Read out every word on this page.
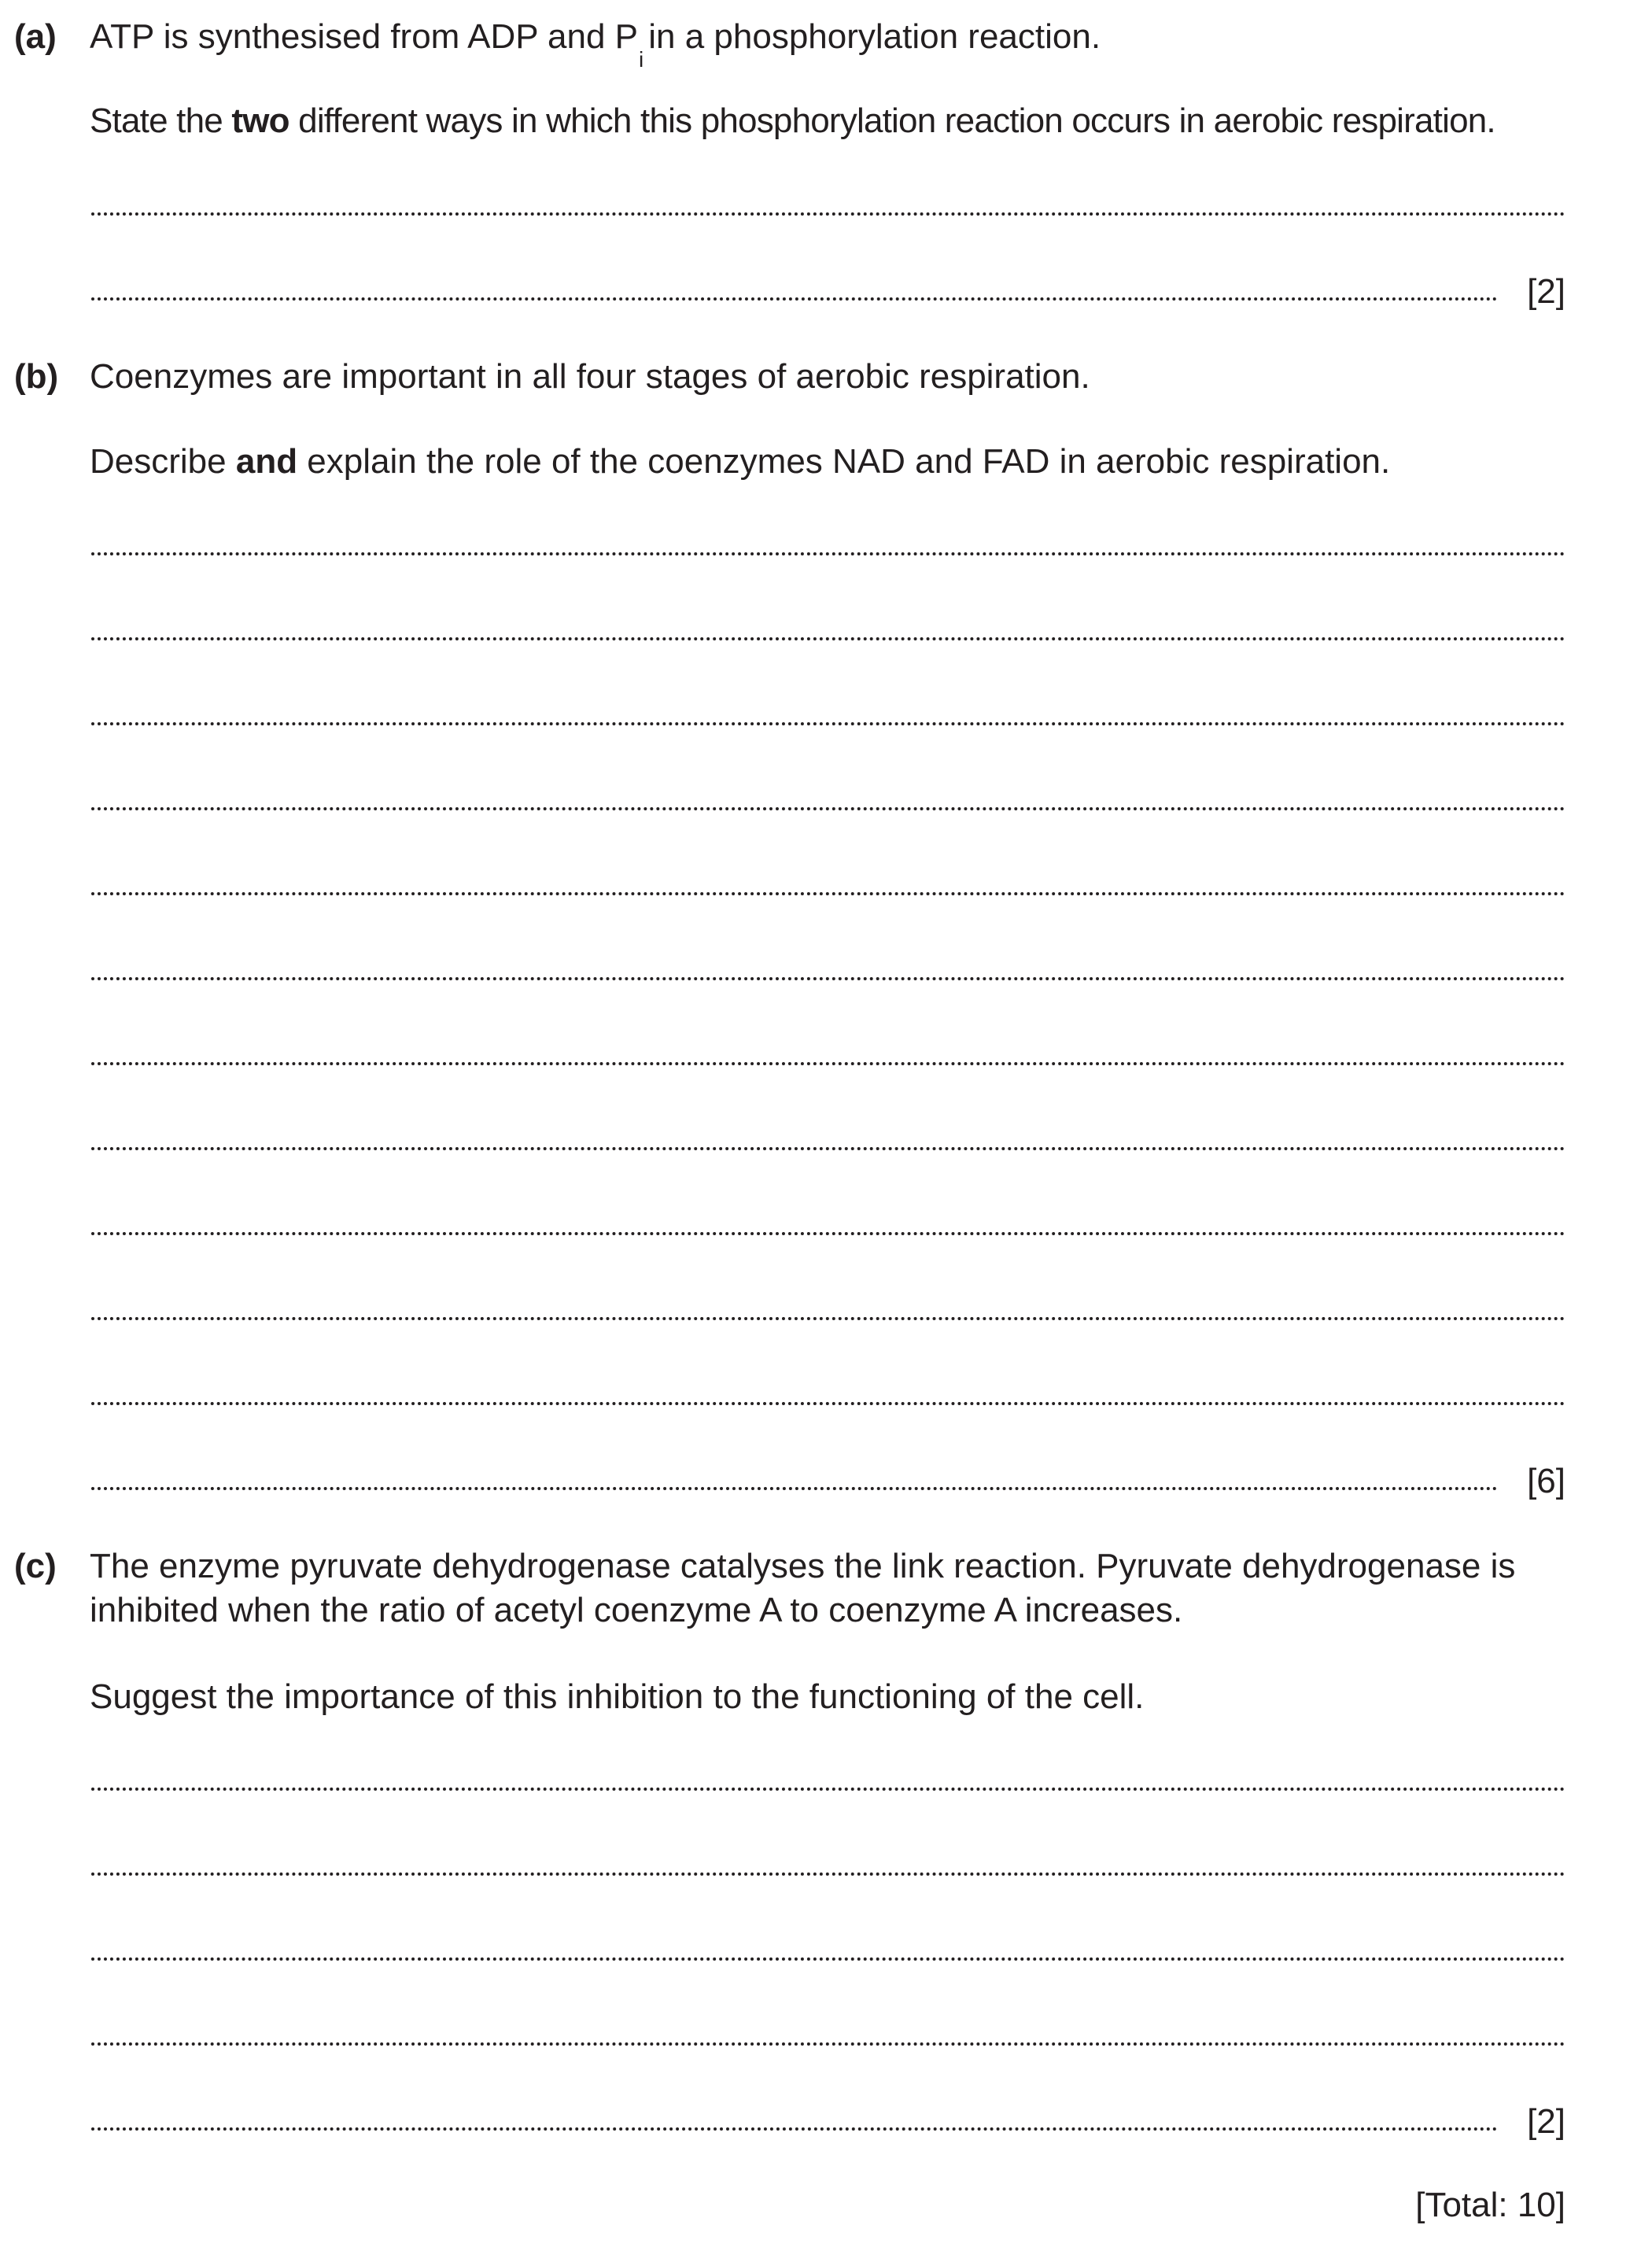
(a) ATP is synthesised from ADP and $P_iin$ a phosphorylation reaction.
State the two different ways in which this phosphorylation reaction occurs in aerobic respiration.
[2]
(b) Coenzymes are important in all four stages of aerobic respiration.
Describe and explain the role of the coenzymes NAD and FAD in aerobic respiration.
[6]
(c) The enzyme pyruvate dehydrogenase catalyses the link reaction. Pyruvate dehydrogenase is
inhibited when the ratio of acetyl coenzyme A to coenzyme A increases.
Suggest the importance of this inhibition to the functioning of the cell.
[2]
[Total: 10]
